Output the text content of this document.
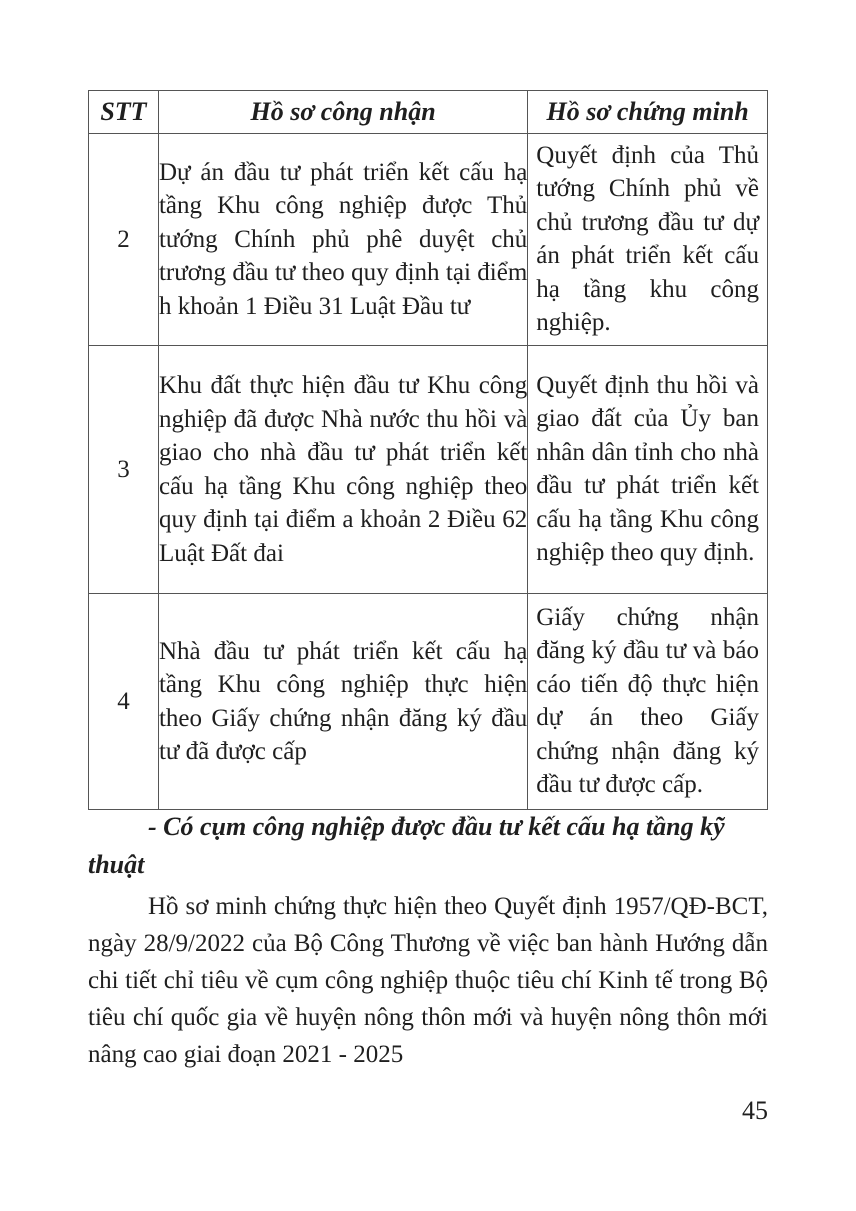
STT	Hồ sơ công nhận	Hồ sơ chứng minh
2	Dự án đầu tư phát triển kết cấu hạ tầng Khu công nghiệp được Thủ tướng Chính phủ phê duyệt chủ trương đầu tư theo quy định tại điểm h khoản 1 Điều 31 Luật Đầu tư	Quyết định của Thủ tướng Chính phủ về chủ trương đầu tư dự án phát triển kết cấu hạ tầng khu công nghiệp.
3	Khu đất thực hiện đầu tư Khu công nghiệp đã được Nhà nước thu hồi và giao cho nhà đầu tư phát triển kết cấu hạ tầng Khu công nghiệp theo quy định tại điểm a khoản 2 Điều 62 Luật Đất đai	Quyết định thu hồi và giao đất của Ủy ban nhân dân tỉnh cho nhà đầu tư phát triển kết cấu hạ tầng Khu công nghiệp theo quy định.
4	Nhà đầu tư phát triển kết cấu hạ tầng Khu công nghiệp thực hiện theo Giấy chứng nhận đăng ký đầu tư đã được cấp	Giấy chứng nhận đăng ký đầu tư và báo cáo tiến độ thực hiện dự án theo Giấy chứng nhận đăng ký đầu tư được cấp.
- Có cụm công nghiệp được đầu tư kết cấu hạ tầng kỹ thuật
Hồ sơ minh chứng thực hiện theo Quyết định 1957/QĐ-BCT, ngày 28/9/2022 của Bộ Công Thương về việc ban hành Hướng dẫn chi tiết chỉ tiêu về cụm công nghiệp thuộc tiêu chí Kinh tế trong Bộ tiêu chí quốc gia về huyện nông thôn mới và huyện nông thôn mới nâng cao giai đoạn 2021 - 2025
45
